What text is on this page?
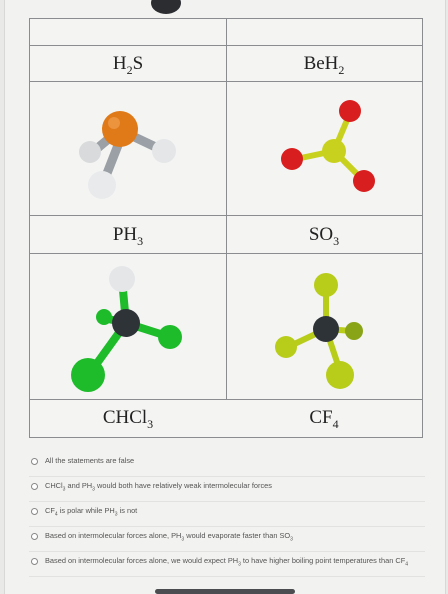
$H_2S$	BeH$_2$
$PH_3$	$SO_3$
CHCl$_3$	$CF_4$
All the statements are false
CHCl$_3$ and $PH_3$ would both have relatively weak intermolecular forces
$CF_4$ is polar while $PH_3$ is not
Based on intermolecular forces alone, $PH_3$ would evaporate faster than $SO_3$
Based on intermolecular forces alone, we would expect $PH_3$ to have higher boiling point temperatures than $CF_4$
